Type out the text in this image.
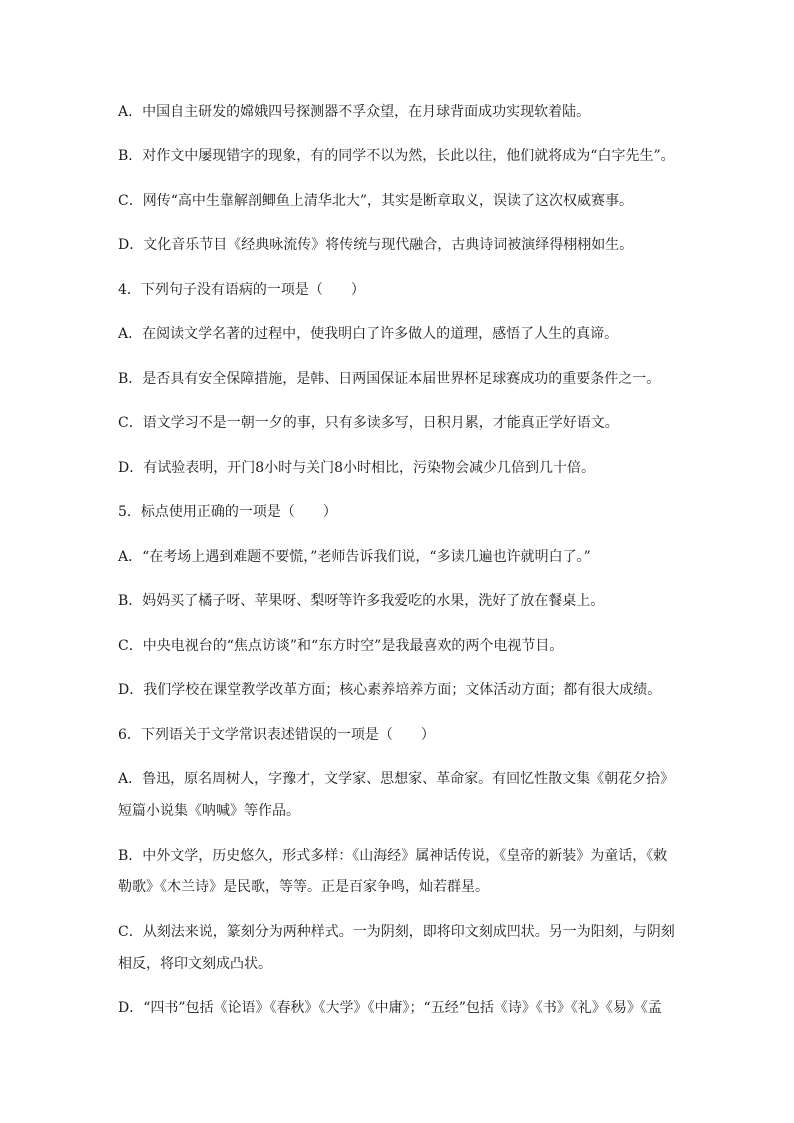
A．中国自主研发的嫦娥四号探测器不孚众望，在月球背面成功实现软着陆。
B．对作文中屡现错字的现象，有的同学不以为然，长此以往，他们就将成为“白字先生”。
C．网传“高中生靠解剖鲫鱼上清华北大”，其实是断章取义，误读了这次权威赛事。
D．文化音乐节目《经典咏流传》将传统与现代融合，古典诗词被演绎得栩栩如生。
4．下列句子没有语病的一项是（　　）
A．在阅读文学名著的过程中，使我明白了许多做人的道理，感悟了人生的真谛。
B．是否具有安全保障措施，是韩、日两国保证本届世界杯足球赛成功的重要条件之一。
C．语文学习不是一朝一夕的事，只有多读多写，日积月累，才能真正学好语文。
D．有试验表明，开门8小时与关门8小时相比，污染物会减少几倍到几十倍。
5．标点使用正确的一项是（　　）
A．“在考场上遇到难题不要慌，”老师告诉我们说，“多读几遍也许就明白了。”
B．妈妈买了橘子呀、苹果呀、梨呀等许多我爱吃的水果，洗好了放在餐桌上。
C．中央电视台的“焦点访谈”和“东方时空”是我最喜欢的两个电视节目。
D．我们学校在课堂教学改革方面；核心素养培养方面；文体活动方面；都有很大成绩。
6．下列语关于文学常识表述错误的一项是（　　）
A．鲁迅，原名周树人，字豫才，文学家、思想家、革命家。有回忆性散文集《朝花夕拾》
短篇小说集《呐喊》等作品。
B．中外文学，历史悠久，形式多样：《山海经》属神话传说，《皇帝的新装》为童话，《敕
勒歌》《木兰诗》是民歌，等等。正是百家争鸣，灿若群星。
C．从刻法来说，篆刻分为两种样式。一为阴刻，即将印文刻成凹状。另一为阳刻，与阴刻
相反，将印文刻成凸状。
D．“四书”包括《论语》《春秋》《大学》《中庸》；“五经”包括《诗》《书》《礼》《易》《孟
